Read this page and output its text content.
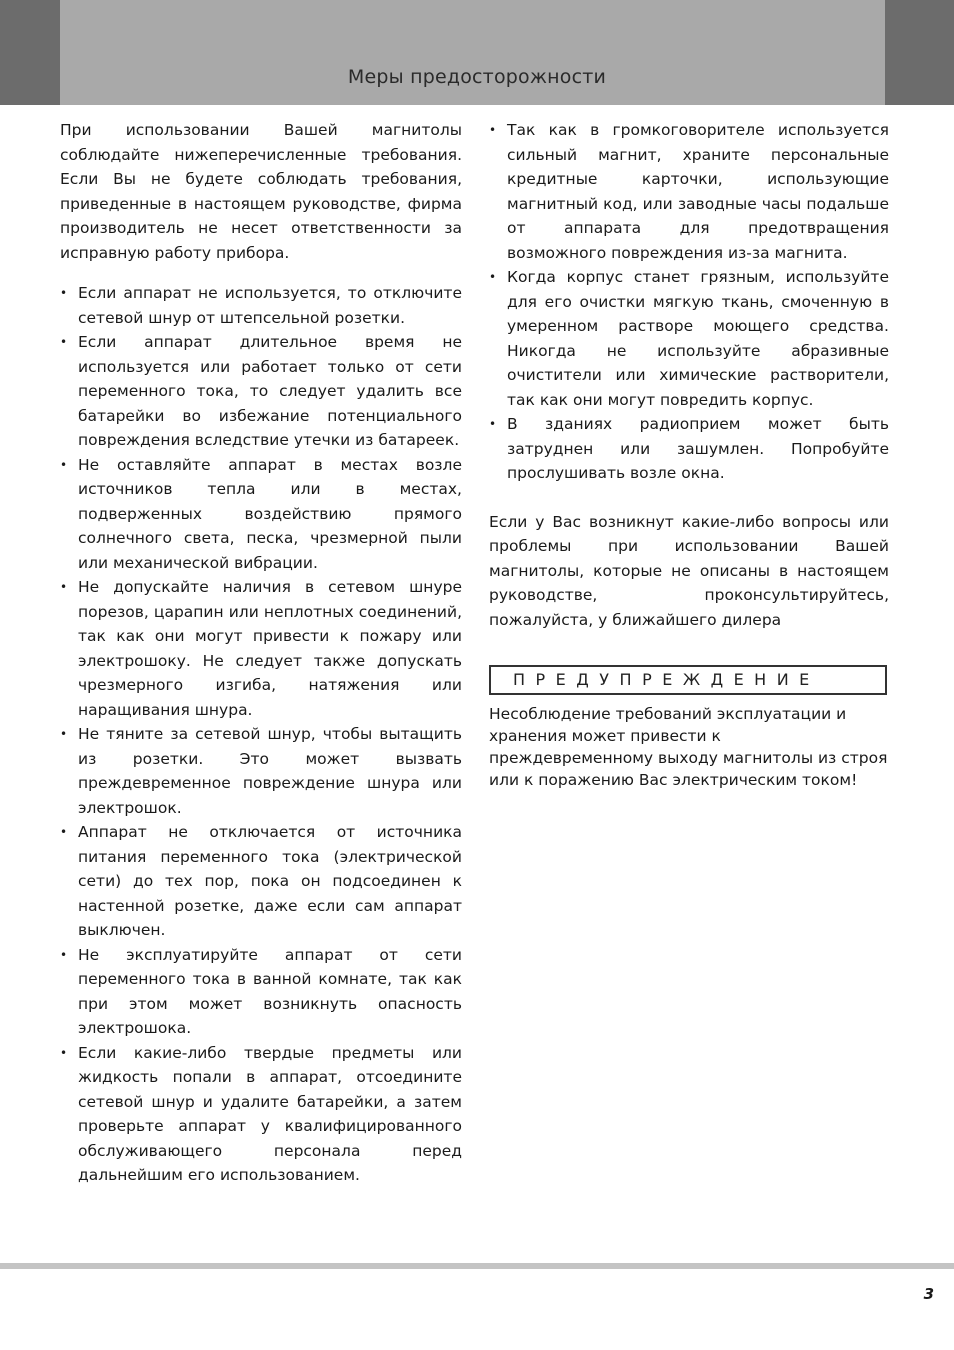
Меры предосторожности

При использовании Вашей магнитолы соблюдайте нижеперечисленные требования. Если Вы не будете соблюдать требования, приведенные в настоящем руководстве, фирма производитель не несет ответственности за исправную работу прибора.

• Если аппарат не используется, то отключите сетевой шнур от штепсельной розетки.
• Если аппарат длительное время не используется или работает только от сети переменного тока, то следует удалить все батарейки во избежание потенциального повреждения вследствие утечки из батареек.
• Не оставляйте аппарат в местах возле источников тепла или в местах, подверженных воздействию прямого солнечного света, песка, чрезмерной пыли или механической вибрации.
• Не допускайте наличия в сетевом шнуре порезов, царапин или неплотных соединений, так как они могут привести к пожару или электрошоку. Не следует также допускать чрезмерного изгиба, натяжения или наращивания шнура.
• Не тяните за сетевой шнур, чтобы вытащить из розетки. Это может вызвать преждевременное повреждение шнура или электрошок.
• Аппарат не отключается от источника питания переменного тока (электрической сети) до тех пор, пока он подсоединен к настенной розетке, даже если сам аппарат выключен.
• Не эксплуатируйте аппарат от сети переменного тока в ванной комнате, так как при этом может возникнуть опасность электрошока.
• Если какие-либо твердые предметы или жидкость попали в аппарат, отсоедините сетевой шнур и удалите батарейки, а затем проверьте аппарат у квалифицированного обслуживающего персонала перед дальнейшим его использованием.
• Так как в громкоговорителе используется сильный магнит, храните персональные кредитные карточки, использующие магнитный код, или заводные часы подальше от аппарата для предотвращения возможного повреждения из-за магнита.
• Когда корпус станет грязным, используйте для его очистки мягкую ткань, смоченную в умеренном растворе моющего средства. Никогда не используйте абразивные очистители или химические растворители, так как они могут повредить корпус.
• В зданиях радиоприем может быть затруднен или зашумлен. Попробуйте прослушивать возле окна.

Если у Вас возникнут какие-либо вопросы или проблемы при использовании Вашей магнитолы, которые не описаны в настоящем руководстве, проконсультируйтесь, пожалуйста, у ближайшего дилера

ПРЕДУПРЕЖДЕНИЕ

Несоблюдение требований эксплуатации и хранения может привести к преждевременному выходу магнитолы из строя или к поражению Вас электрическим током!

3
